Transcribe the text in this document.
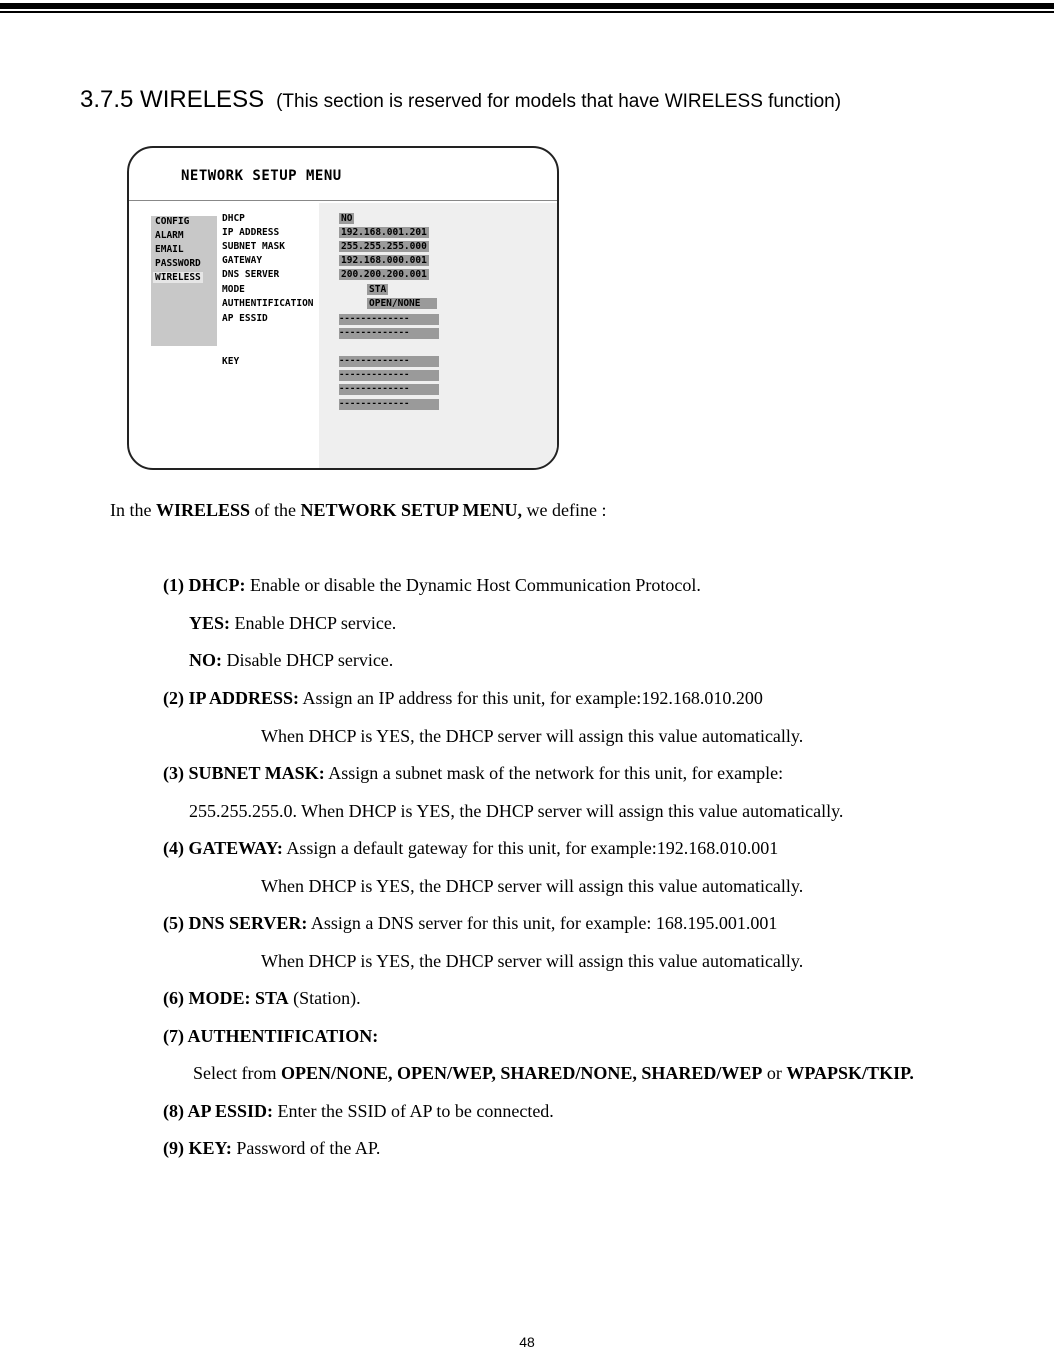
3.7.5 WIRELESS (This section is reserved for models that have WIRELESS function)
NETWORK SETUP MENU
CONFIG
ALARM
EMAIL
PASSWORD
WIRELESS
DHCP
IP ADDRESS
SUBNET MASK
GATEWAY
DNS SERVER
MODE
AUTHENTIFICATION
AP ESSID
KEY
NO
192.168.001.201
255.255.255.000
192.168.000.001
200.200.200.001
STA
OPEN/NONE
-------------
-------------
-------------
-------------
-------------
-------------
In the WIRELESS of the NETWORK SETUP MENU, we define :
(1) DHCP: Enable or disable the Dynamic Host Communication Protocol.
YES: Enable DHCP service.
NO: Disable DHCP service.
(2) IP ADDRESS: Assign an IP address for this unit, for example:192.168.010.200
When DHCP is YES, the DHCP server will assign this value automatically.
(3) SUBNET MASK: Assign a subnet mask of the network for this unit, for example:
255.255.255.0. When DHCP is YES, the DHCP server will assign this value automatically.
(4) GATEWAY: Assign a default gateway for this unit, for example:192.168.010.001
When DHCP is YES, the DHCP server will assign this value automatically.
(5) DNS SERVER: Assign a DNS server for this unit, for example: 168.195.001.001
When DHCP is YES, the DHCP server will assign this value automatically.
(6) MODE: STA (Station).
(7) AUTHENTIFICATION:
Select from OPEN/NONE, OPEN/WEP, SHARED/NONE, SHARED/WEP or WPAPSK/TKIP.
(8) AP ESSID: Enter the SSID of AP to be connected.
(9) KEY: Password of the AP.
48
